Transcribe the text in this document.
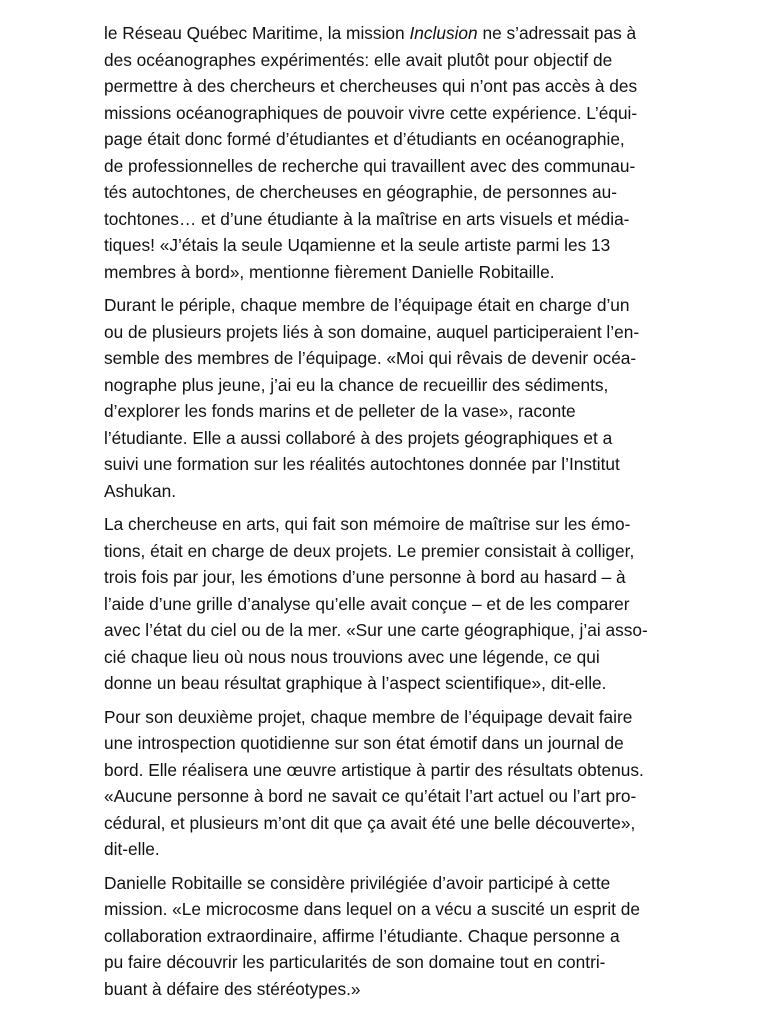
le Réseau Québec Maritime, la mission Inclusion ne s’adressait pas à
des océanographes expérimentés: elle avait plutôt pour objectif de
permettre à des chercheurs et chercheuses qui n’ont pas accès à des
missions océanographiques de pouvoir vivre cette expérience. L’équi-
page était donc formé d’étudiantes et d’étudiants en océanographie,
de professionnelles de recherche qui travaillent avec des communau-
tés autochtones, de chercheuses en géographie, de personnes au-
tochtones… et d’une étudiante à la maîtrise en arts visuels et média-
tiques! «J’étais la seule Uqamienne et la seule artiste parmi les 13
membres à bord», mentionne fièrement Danielle Robitaille.

Durant le périple, chaque membre de l’équipage était en charge d’un
ou de plusieurs projets liés à son domaine, auquel participeraient l’en-
semble des membres de l’équipage. «Moi qui rêvais de devenir océa-
nographe plus jeune, j’ai eu la chance de recueillir des sédiments,
d’explorer les fonds marins et de pelleter de la vase», raconte
l’étudiante. Elle a aussi collaboré à des projets géographiques et a
suivi une formation sur les réalités autochtones donnée par l’Institut
Ashukan.

La chercheuse en arts, qui fait son mémoire de maîtrise sur les émo-
tions, était en charge de deux projets. Le premier consistait à colliger,
trois fois par jour, les émotions d’une personne à bord au hasard – à
l’aide d’une grille d’analyse qu’elle avait conçue – et de les comparer
avec l’état du ciel ou de la mer. «Sur une carte géographique, j’ai asso-
cié chaque lieu où nous nous trouvions avec une légende, ce qui
donne un beau résultat graphique à l’aspect scientifique», dit-elle.

Pour son deuxième projet, chaque membre de l’équipage devait faire
une introspection quotidienne sur son état émotif dans un journal de
bord. Elle réalisera une œuvre artistique à partir des résultats obtenus.
«Aucune personne à bord ne savait ce qu’était l’art actuel ou l’art pro-
cédural, et plusieurs m’ont dit que ça avait été une belle découverte»,
dit-elle.

Danielle Robitaille se considère privilégiée d’avoir participé à cette
mission. «Le microcosme dans lequel on a vécu a suscité un esprit de
collaboration extraordinaire, affirme l’étudiante. Chaque personne a
pu faire découvrir les particularités de son domaine tout en contri-
buant à défaire des stéréotypes.»
